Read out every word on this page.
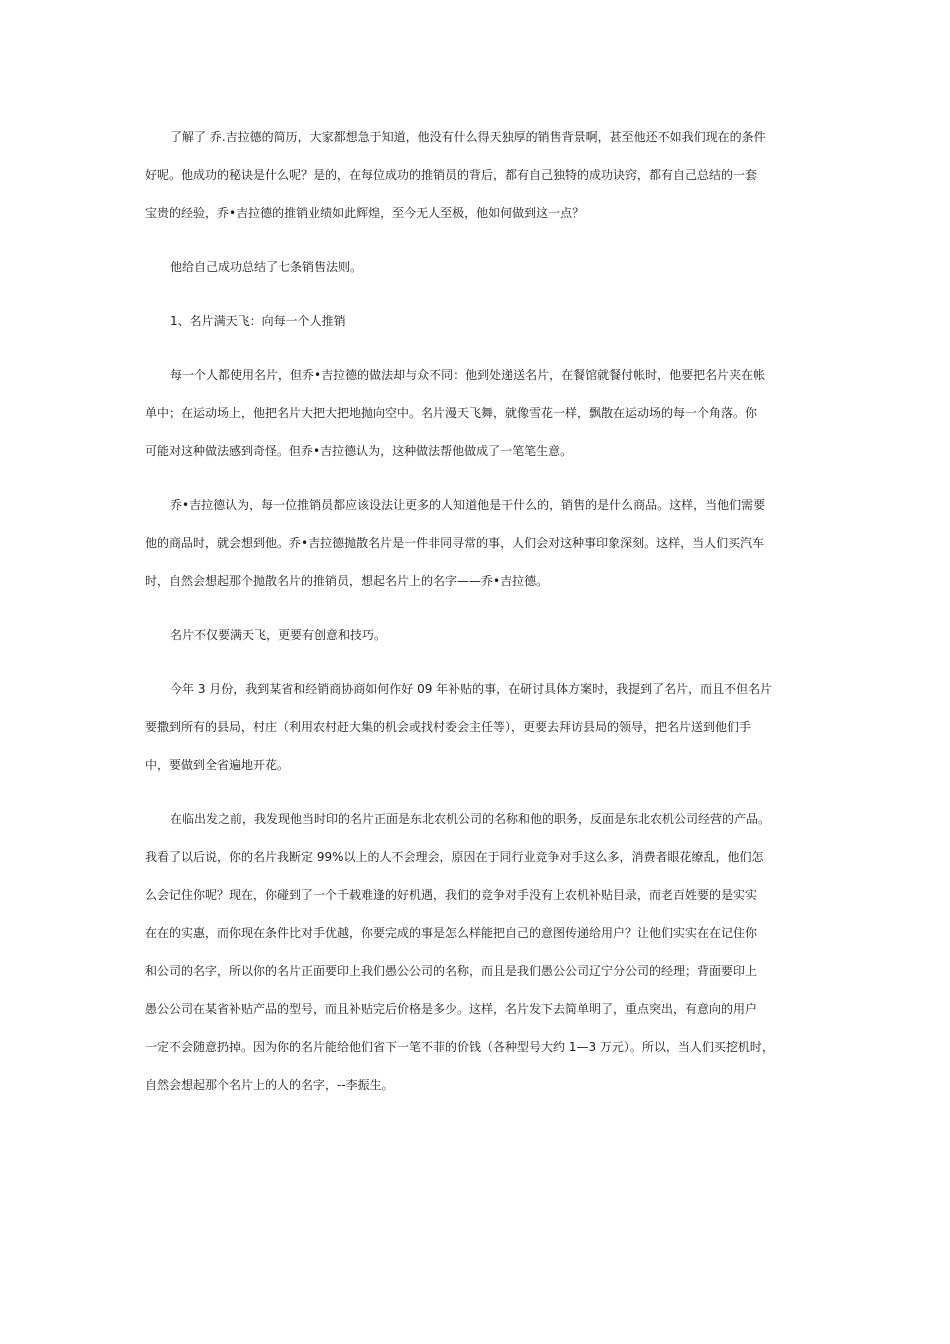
了解了 乔.吉拉德的简历，大家都想急于知道，他没有什么得天独厚的销售背景啊，甚至他还不如我们现在的条件
好呢。他成功的秘诀是什么呢？是的，在每位成功的推销员的背后，都有自己独特的成功诀窍，都有自己总结的一套
宝贵的经验，乔•吉拉德的推销业绩如此辉煌，至今无人至极，他如何做到这一点？
他给自己成功总结了七条销售法则。
1、名片满天飞：向每一个人推销
每一个人都使用名片，但乔•吉拉德的做法却与众不同：他到处递送名片，在餐馆就餐付帐时，他要把名片夹在帐
单中；在运动场上，他把名片大把大把地抛向空中。名片漫天飞舞，就像雪花一样，飘散在运动场的每一个角落。你
可能对这种做法感到奇怪。但乔•吉拉德认为，这种做法帮他做成了一笔笔生意。
乔•吉拉德认为，每一位推销员都应该设法让更多的人知道他是干什么的，销售的是什么商品。这样，当他们需要
他的商品时，就会想到他。乔•吉拉德抛散名片是一件非同寻常的事，人们会对这种事印象深刻。这样，当人们买汽车
时，自然会想起那个抛散名片的推销员，想起名片上的名字——乔•吉拉德。
名片不仅要满天飞，更要有创意和技巧。
今年 3 月份，我到某省和经销商协商如何作好 09 年补贴的事，在研讨具体方案时，我提到了名片，而且不但名片
要撒到所有的县局，村庄（利用农村赶大集的机会或找村委会主任等），更要去拜访县局的领导，把名片送到他们手
中，要做到全省遍地开花。
在临出发之前，我发现他当时印的名片正面是东北农机公司的名称和他的职务，反面是东北农机公司经营的产品。
我看了以后说，你的名片我断定 99%以上的人不会理会，原因在于同行业竞争对手这么多，消费者眼花缭乱，他们怎
么会记住你呢？现在，你碰到了一个千载难逢的好机遇，我们的竞争对手没有上农机补贴目录，而老百姓要的是实实
在在的实惠，而你现在条件比对手优越，你要完成的事是怎么样能把自己的意图传递给用户？让他们实实在在记住你
和公司的名字，所以你的名片正面要印上我们愚公公司的名称，而且是我们愚公公司辽宁分公司的经理；背面要印上
愚公公司在某省补贴产品的型号，而且补贴完后价格是多少。这样，名片发下去简单明了，重点突出，有意向的用户
一定不会随意扔掉。因为你的名片能给他们省下一笔不菲的价钱（各种型号大约 1—3 万元）。所以，当人们买挖机时，
自然会想起那个名片上的人的名字，--李振生。
